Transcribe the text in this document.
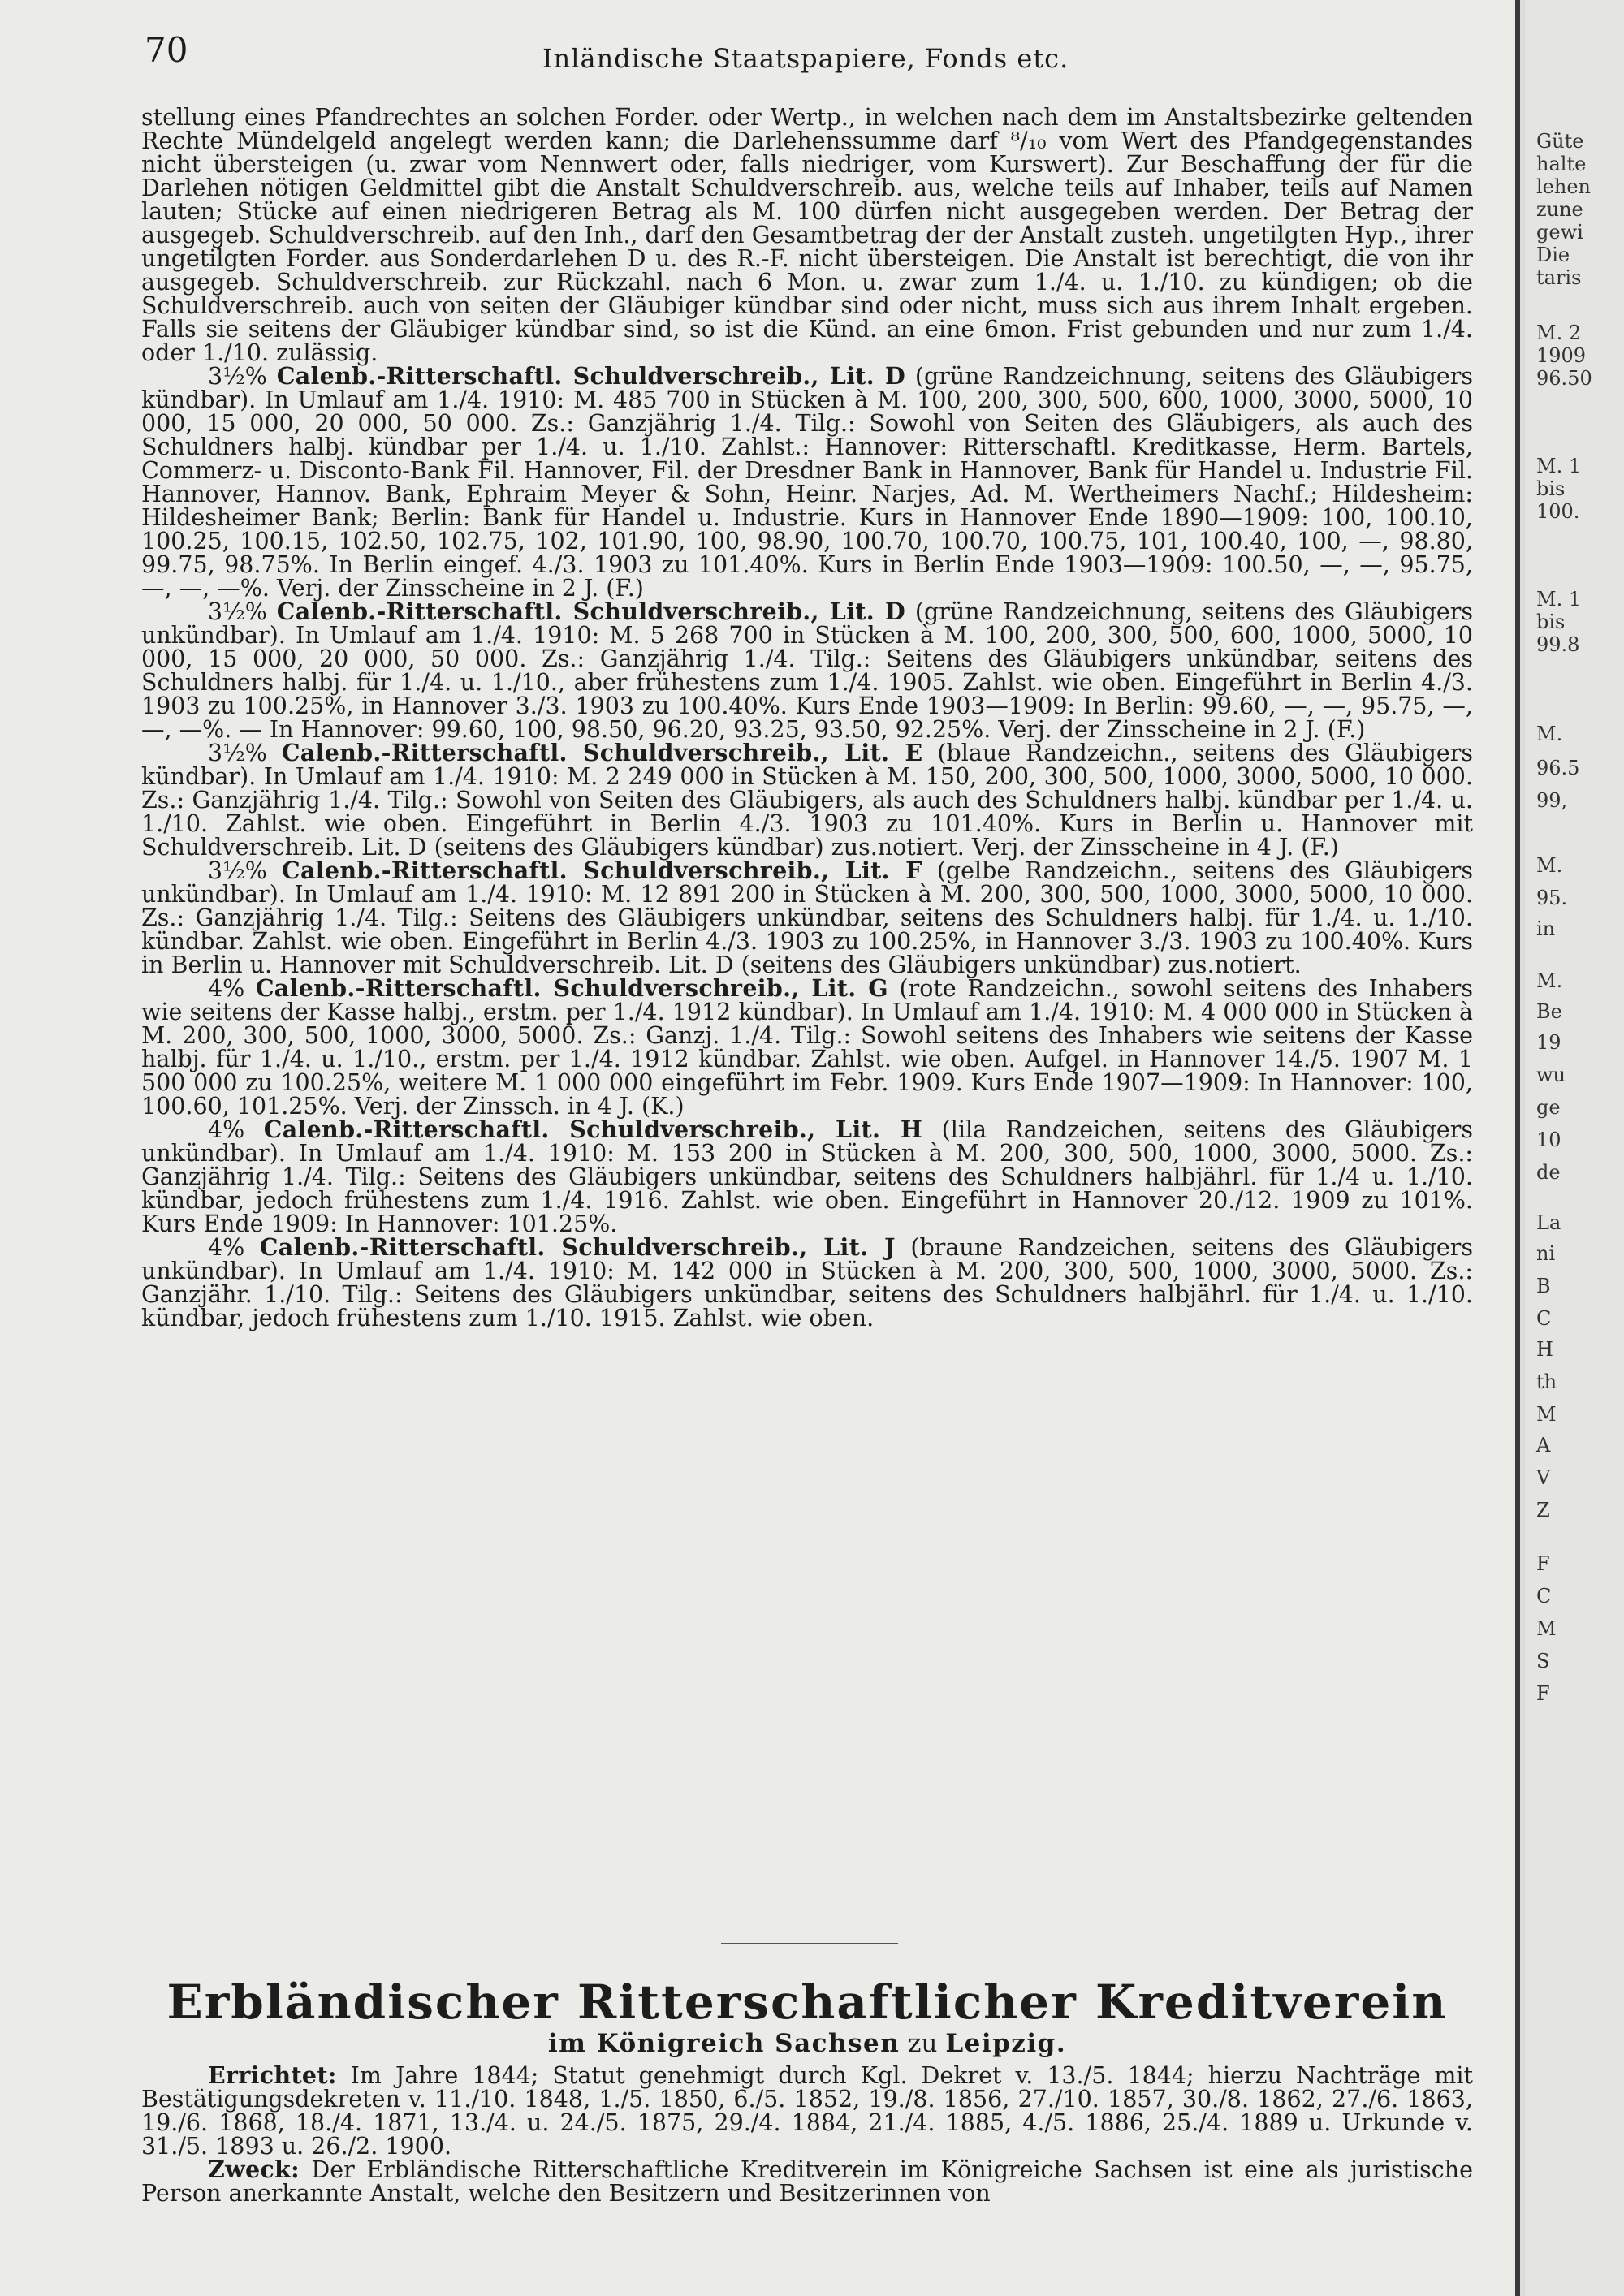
70	Inländische Staatspapiere, Fonds etc.

stellung eines Pfandrechtes an solchen Forder. oder Wertp., in welchen nach dem im Anstaltsbezirke geltenden Rechte Mündelgeld angelegt werden kann; die Darlehenssumme darf ⁸/₁₀ vom Wert des Pfandgegenstandes nicht übersteigen (u. zwar vom Nennwert oder, falls niedriger, vom Kurswert). Zur Beschaffung der für die Darlehen nötigen Geldmittel gibt die Anstalt Schuldverschreib. aus, welche teils auf Inhaber, teils auf Namen lauten; Stücke auf einen niedrigeren Betrag als M. 100 dürfen nicht ausgegeben werden. Der Betrag der ausgegeb. Schuldverschreib. auf den Inh., darf den Gesamtbetrag der der Anstalt zusteh. ungetilgten Hyp., ihrer ungetilgten Forder. aus Sonderdarlehen D u. des R.-F. nicht übersteigen. Die Anstalt ist berechtigt, die von ihr ausgegeb. Schuldverschreib. zur Rückzahl. nach 6 Mon. u. zwar zum 1./4. u. 1./10. zu kündigen; ob die Schuldverschreib. auch von seiten der Gläubiger kündbar sind oder nicht, muss sich aus ihrem Inhalt ergeben. Falls sie seitens der Gläubiger kündbar sind, so ist die Künd. an eine 6mon. Frist gebunden und nur zum 1./4. oder 1./10. zulässig.

3½% Calenb.-Ritterschaftl. Schuldverschreib., Lit. D (grüne Randzeichnung, seitens des Gläubigers kündbar). In Umlauf am 1./4. 1910: M. 485 700 in Stücken à M. 100, 200, 300, 500, 600, 1000, 3000, 5000, 10 000, 15 000, 20 000, 50 000. Zs.: Ganzjährig 1./4. Tilg.: Sowohl von Seiten des Gläubigers, als auch des Schuldners halbj. kündbar per 1./4. u. 1./10. Zahlst.: Hannover: Ritterschaftl. Kreditkasse, Herm. Bartels, Commerz- u. Disconto-Bank Fil. Hannover, Fil. der Dresdner Bank in Hannover, Bank für Handel u. Industrie Fil. Hannover, Hannov. Bank, Ephraim Meyer & Sohn, Heinr. Narjes, Ad. M. Wertheimers Nachf.; Hildesheim: Hildesheimer Bank; Berlin: Bank für Handel u. Industrie. Kurs in Hannover Ende 1890—1909: 100, 100.10, 100.25, 100.15, 102.50, 102.75, 102, 101.90, 100, 98.90, 100.70, 100.70, 100.75, 101, 100.40, 100, —, 98.80, 99.75, 98.75%. In Berlin eingef. 4./3. 1903 zu 101.40%. Kurs in Berlin Ende 1903—1909: 100.50, —, —, 95.75, —, —, —%. Verj. der Zinsscheine in 2 J. (F.)

3½% Calenb.-Ritterschaftl. Schuldverschreib., Lit. D (grüne Randzeichnung, seitens des Gläubigers unkündbar). In Umlauf am 1./4. 1910: M. 5 268 700 in Stücken à M. 100, 200, 300, 500, 600, 1000, 5000, 10 000, 15 000, 20 000, 50 000. Zs.: Ganzjährig 1./4. Tilg.: Seitens des Gläubigers unkündbar, seitens des Schuldners halbj. für 1./4. u. 1./10., aber frühestens zum 1./4. 1905. Zahlst. wie oben. Eingeführt in Berlin 4./3. 1903 zu 100.25%, in Hannover 3./3. 1903 zu 100.40%. Kurs Ende 1903—1909: In Berlin: 99.60, —, —, 95.75, —, —, —%. — In Hannover: 99.60, 100, 98.50, 96.20, 93.25, 93.50, 92.25%. Verj. der Zinsscheine in 2 J. (F.)

3½% Calenb.-Ritterschaftl. Schuldverschreib., Lit. E (blaue Randzeichn., seitens des Gläubigers kündbar). In Umlauf am 1./4. 1910: M. 2 249 000 in Stücken à M. 150, 200, 300, 500, 1000, 3000, 5000, 10 000. Zs.: Ganzjährig 1./4. Tilg.: Sowohl von Seiten des Gläubigers, als auch des Schuldners halbj. kündbar per 1./4. u. 1./10. Zahlst. wie oben. Eingeführt in Berlin 4./3. 1903 zu 101.40%. Kurs in Berlin u. Hannover mit Schuldverschreib. Lit. D (seitens des Gläubigers kündbar) zus.notiert. Verj. der Zinsscheine in 4 J. (F.)

3½% Calenb.-Ritterschaftl. Schuldverschreib., Lit. F (gelbe Randzeichn., seitens des Gläubigers unkündbar). In Umlauf am 1./4. 1910: M. 12 891 200 in Stücken à M. 200, 300, 500, 1000, 3000, 5000, 10 000. Zs.: Ganzjährig 1./4. Tilg.: Seitens des Gläubigers unkündbar, seitens des Schuldners halbj. für 1./4. u. 1./10. kündbar. Zahlst. wie oben. Eingeführt in Berlin 4./3. 1903 zu 100.25%, in Hannover 3./3. 1903 zu 100.40%. Kurs in Berlin u. Hannover mit Schuldverschreib. Lit. D (seitens des Gläubigers unkündbar) zus.notiert.

4% Calenb.-Ritterschaftl. Schuldverschreib., Lit. G (rote Randzeichn., sowohl seitens des Inhabers wie seitens der Kasse halbj., erstm. per 1./4. 1912 kündbar). In Umlauf am 1./4. 1910: M. 4 000 000 in Stücken à M. 200, 300, 500, 1000, 3000, 5000. Zs.: Ganzj. 1./4. Tilg.: Sowohl seitens des Inhabers wie seitens der Kasse halbj. für 1./4. u. 1./10., erstm. per 1./4. 1912 kündbar. Zahlst. wie oben. Aufgel. in Hannover 14./5. 1907 M. 1 500 000 zu 100.25%, weitere M. 1 000 000 eingeführt im Febr. 1909. Kurs Ende 1907—1909: In Hannover: 100, 100.60, 101.25%. Verj. der Zinssch. in 4 J. (K.)

4% Calenb.-Ritterschaftl. Schuldverschreib., Lit. H (lila Randzeichen, seitens des Gläubigers unkündbar). In Umlauf am 1./4. 1910: M. 153 200 in Stücken à M. 200, 300, 500, 1000, 3000, 5000. Zs.: Ganzjährig 1./4. Tilg.: Seitens des Gläubigers unkündbar, seitens des Schuldners halbjährl. für 1./4 u. 1./10. kündbar, jedoch frühestens zum 1./4. 1916. Zahlst. wie oben. Eingeführt in Hannover 20./12. 1909 zu 101%. Kurs Ende 1909: In Hannover: 101.25%.

4% Calenb.-Ritterschaftl. Schuldverschreib., Lit. J (braune Randzeichen, seitens des Gläubigers unkündbar). In Umlauf am 1./4. 1910: M. 142 000 in Stücken à M. 200, 300, 500, 1000, 3000, 5000. Zs.: Ganzjähr. 1./10. Tilg.: Seitens des Gläubigers unkündbar, seitens des Schuldners halbjährl. für 1./4. u. 1./10. kündbar, jedoch frühestens zum 1./10. 1915. Zahlst. wie oben.

Erbländischer Ritterschaftlicher Kreditverein
im Königreich Sachsen zu Leipzig.

Errichtet: Im Jahre 1844; Statut genehmigt durch Kgl. Dekret v. 13./5. 1844; hierzu Nachträge mit Bestätigungsdekreten v. 11./10. 1848, 1./5. 1850, 6./5. 1852, 19./8. 1856, 27./10. 1857, 30./8. 1862, 27./6. 1863, 19./6. 1868, 18./4. 1871, 13./4. u. 24./5. 1875, 29./4. 1884, 21./4. 1885, 4./5. 1886, 25./4. 1889 u. Urkunde v. 31./5. 1893 u. 26./2. 1900.

Zweck: Der Erbländische Ritterschaftliche Kreditverein im Königreiche Sachsen ist eine als juristische Person anerkannte Anstalt, welche den Besitzern und Besitzerinnen von

Güte
halte
lehen
zune
gewi
Die
taris
M. 2
1909
96.50
M. 1
bis
100.
M. 1
bis
99.8
M.
96.5
99,
M.
95.
in
M.
Be
19
wu
ge
10
de
La
ni
B
C
H
th
M
A
V
Z
F
C
M
S
F
